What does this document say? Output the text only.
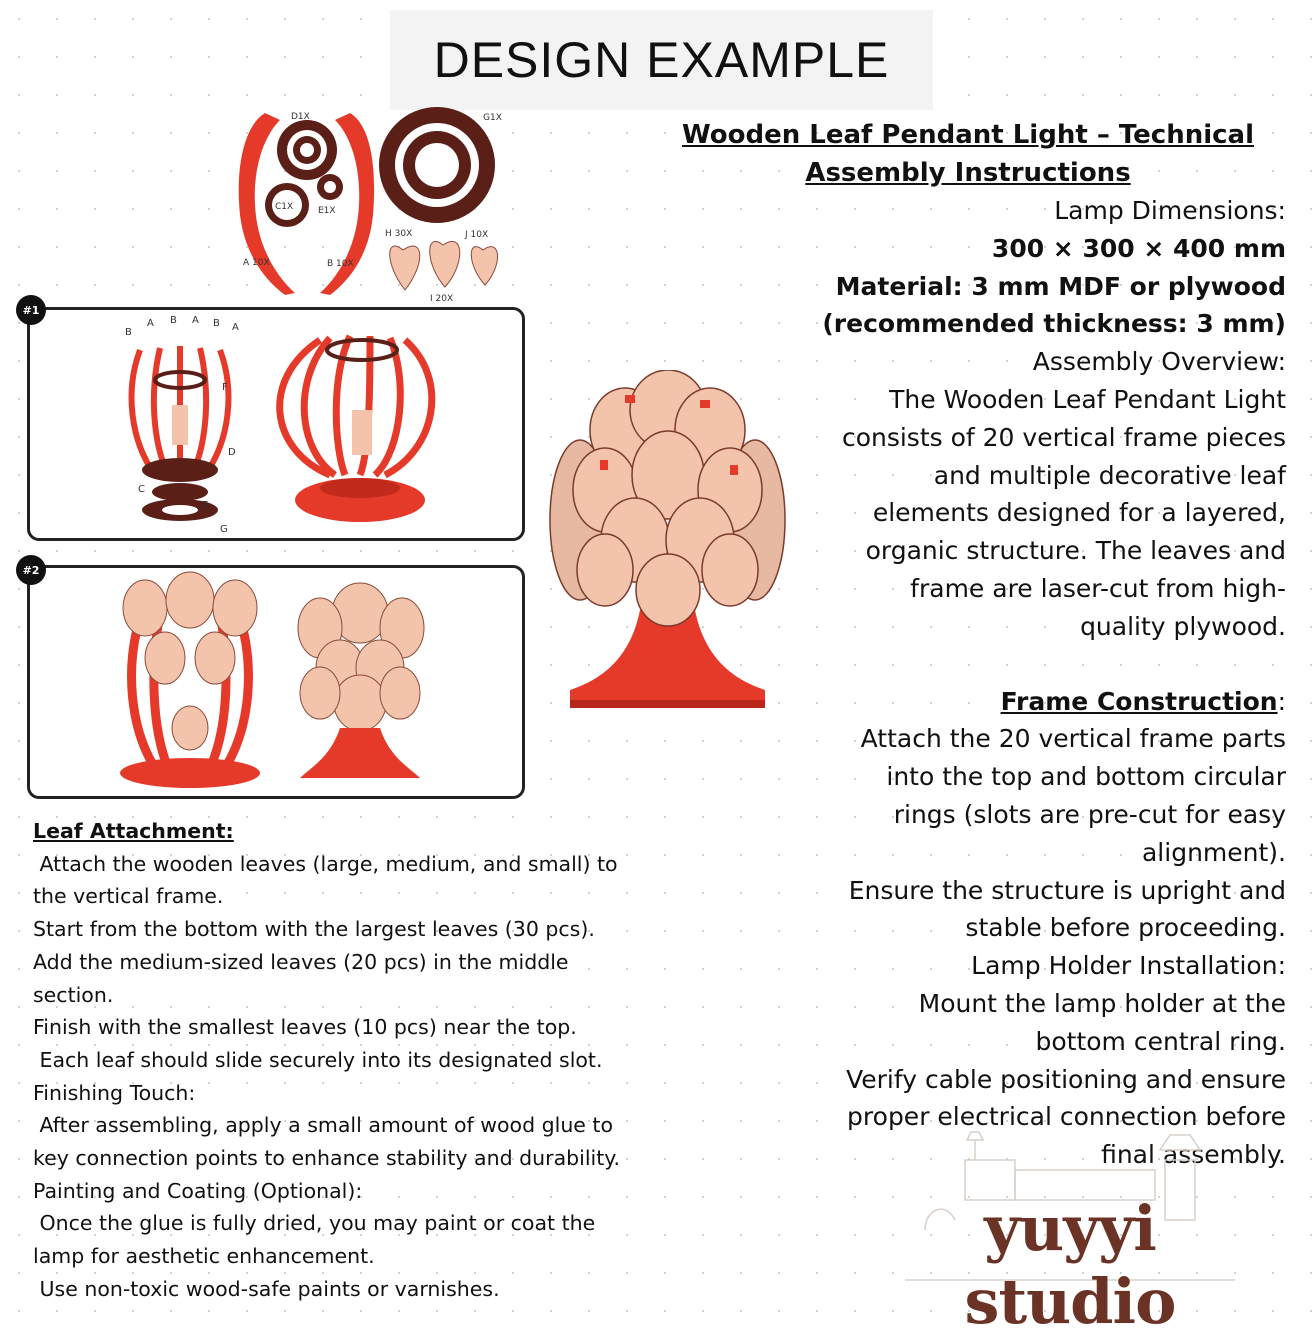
DESIGN EXAMPLE
D1X	G1X
F 1X
C1X	E1X
H 30X	J 10X
A 10X	B 10X
I 20X
B
A B A B A
F
D
C
E
G
#1
#2
Wooden Leaf Pendant Light – Technical
Assembly Instructions
Lamp Dimensions:
300 × 300 × 400 mm
Material: 3 mm MDF or plywood
(recommended thickness: 3 mm)
Assembly Overview:
The Wooden Leaf Pendant Light
consists of 20 vertical frame pieces
and multiple decorative leaf
elements designed for a layered,
organic structure. The leaves and
frame are laser-cut from high-
quality plywood.
Frame Construction:
Attach the 20 vertical frame parts
into the top and bottom circular
rings (slots are pre-cut for easy
alignment).
Ensure the structure is upright and
stable before proceeding.
Lamp Holder Installation:
Mount the lamp holder at the
bottom central ring.
Verify cable positioning and ensure
proper electrical connection before
final assembly.
Leaf Attachment:
Attach the wooden leaves (large, medium, and small) to
the vertical frame.
Start from the bottom with the largest leaves (30 pcs).
Add the medium-sized leaves (20 pcs) in the middle
section.
Finish with the smallest leaves (10 pcs) near the top.
Each leaf should slide securely into its designated slot.
Finishing Touch:
After assembling, apply a small amount of wood glue to
key connection points to enhance stability and durability.
Painting and Coating (Optional):
Once the glue is fully dried, you may paint or coat the
lamp for aesthetic enhancement.
Use non-toxic wood-safe paints or varnishes.
yuyyi studio
